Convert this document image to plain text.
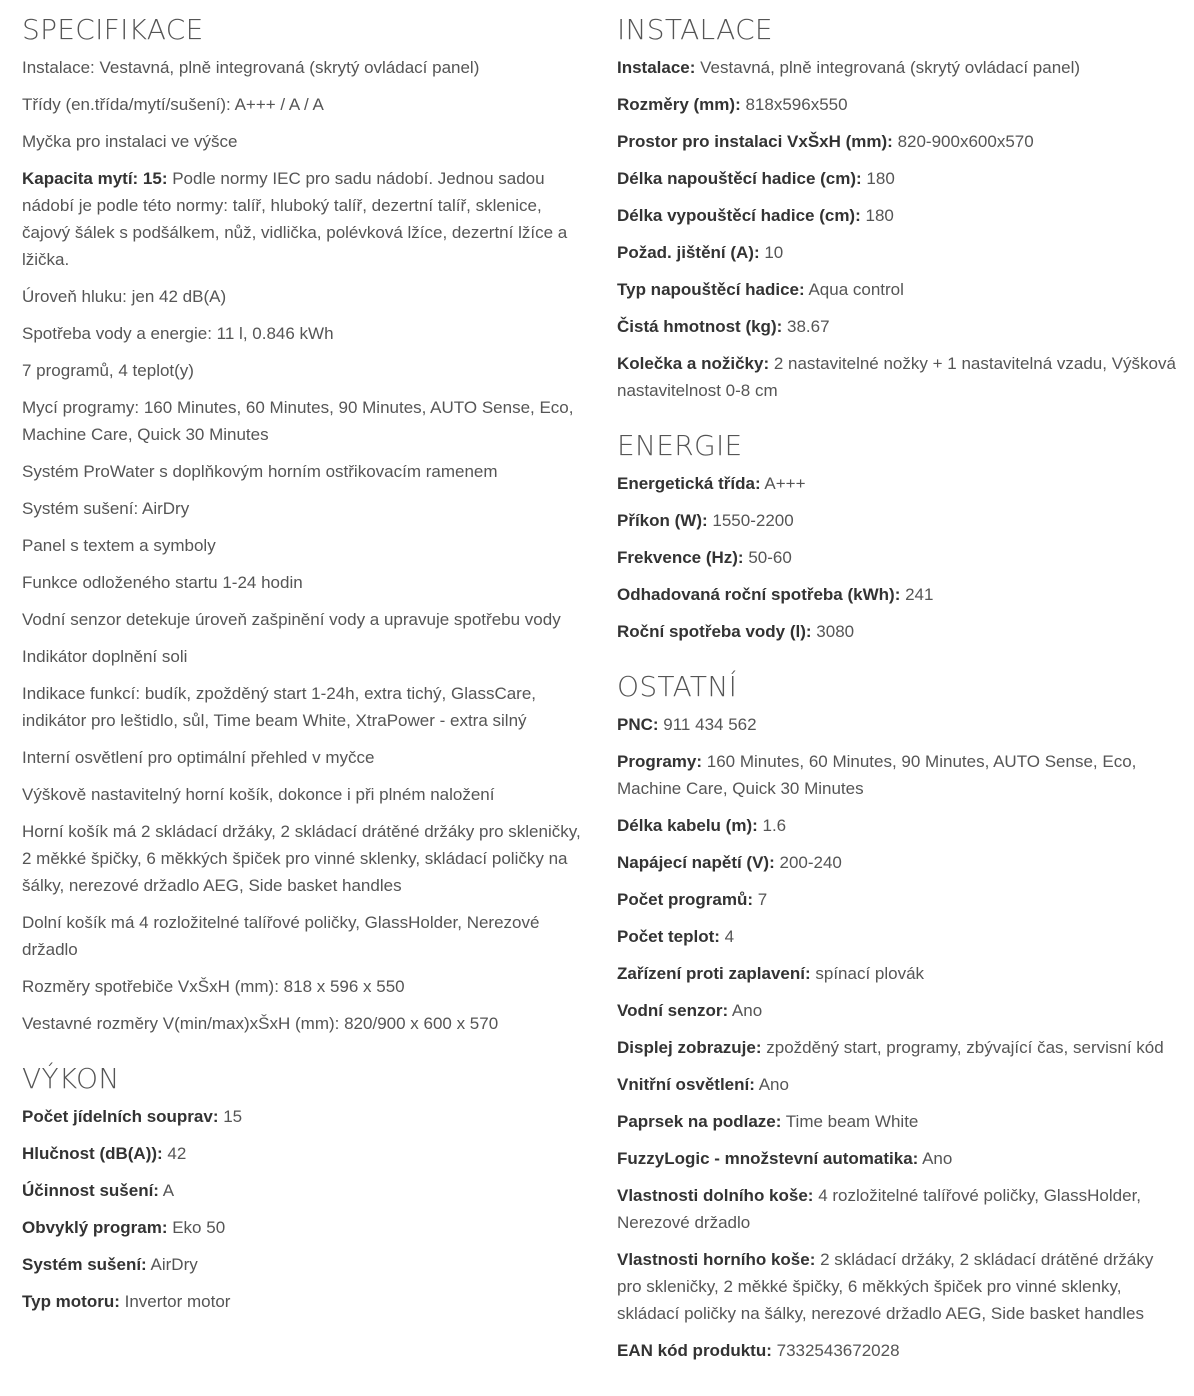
SPECIFIKACE

Instalace: Vestavná, plně integrovaná (skrytý ovládací panel)

Třídy (en.třída/mytí/sušení): A+++ / A / A

Myčka pro instalaci ve výšce

Kapacita mytí: 15: Podle normy IEC pro sadu nádobí. Jednou sadou nádobí je podle této normy: talíř, hluboký talíř, dezertní talíř, sklenice, čajový šálek s podšálkem, nůž, vidlička, polévková lžíce, dezertní lžíce a lžička.

Úroveň hluku: jen 42 dB(A)

Spotřeba vody a energie: 11 l, 0.846 kWh

7 programů, 4 teplot(y)

Mycí programy: 160 Minutes, 60 Minutes, 90 Minutes, AUTO Sense, Eco, Machine Care, Quick 30 Minutes

Systém ProWater s doplňkovým horním ostřikovacím ramenem

Systém sušení: AirDry

Panel s textem a symboly

Funkce odloženého startu 1-24 hodin

Vodní senzor detekuje úroveň zašpinění vody a upravuje spotřebu vody

Indikátor doplnění soli

Indikace funkcí: budík, zpožděný start 1-24h, extra tichý, GlassCare, indikátor pro leštidlo, sůl, Time beam White, XtraPower - extra silný

Interní osvětlení pro optimální přehled v myčce

Výškově nastavitelný horní košík, dokonce i při plném naložení

Horní košík má 2 skládací držáky, 2 skládací drátěné držáky pro skleničky, 2 měkké špičky, 6 měkkých špiček pro vinné sklenky, skládací poličky na šálky, nerezové držadlo AEG, Side basket handles

Dolní košík má 4 rozložitelné talířové poličky, GlassHolder, Nerezové držadlo

Rozměry spotřebiče VxŠxH (mm): 818 x 596 x 550

Vestavné rozměry V(min/max)xŠxH (mm): 820/900 x 600 x 570

VÝKON

Počet jídelních souprav: 15

Hlučnost (dB(A)): 42

Účinnost sušení: A

Obvyklý program: Eko 50

Systém sušení: AirDry

Typ motoru: Invertor motor

INSTALACE

Instalace: Vestavná, plně integrovaná (skrytý ovládací panel)

Rozměry (mm): 818x596x550

Prostor pro instalaci VxŠxH (mm): 820-900x600x570

Délka napouštěcí hadice (cm): 180

Délka vypouštěcí hadice (cm): 180

Požad. jištění (A): 10

Typ napouštěcí hadice: Aqua control

Čistá hmotnost (kg): 38.67

Kolečka a nožičky: 2 nastavitelné nožky + 1 nastavitelná vzadu, Výšková nastavitelnost 0-8 cm

ENERGIE

Energetická třída: A+++

Příkon (W): 1550-2200

Frekvence (Hz): 50-60

Odhadovaná roční spotřeba (kWh): 241

Roční spotřeba vody (l): 3080

OSTATNÍ

PNC: 911 434 562

Programy: 160 Minutes, 60 Minutes, 90 Minutes, AUTO Sense, Eco, Machine Care, Quick 30 Minutes

Délka kabelu (m): 1.6

Napájecí napětí (V): 200-240

Počet programů: 7

Počet teplot: 4

Zařízení proti zaplavení: spínací plovák

Vodní senzor: Ano

Displej zobrazuje: zpožděný start, programy, zbývající čas, servisní kód

Vnitřní osvětlení: Ano

Paprsek na podlaze: Time beam White

FuzzyLogic - množstevní automatika: Ano

Vlastnosti dolního koše: 4 rozložitelné talířové poličky, GlassHolder, Nerezové držadlo

Vlastnosti horního koše: 2 skládací držáky, 2 skládací drátěné držáky pro skleničky, 2 měkké špičky, 6 měkkých špiček pro vinné sklenky, skládací poličky na šálky, nerezové držadlo AEG, Side basket handles

EAN kód produktu: 7332543672028
